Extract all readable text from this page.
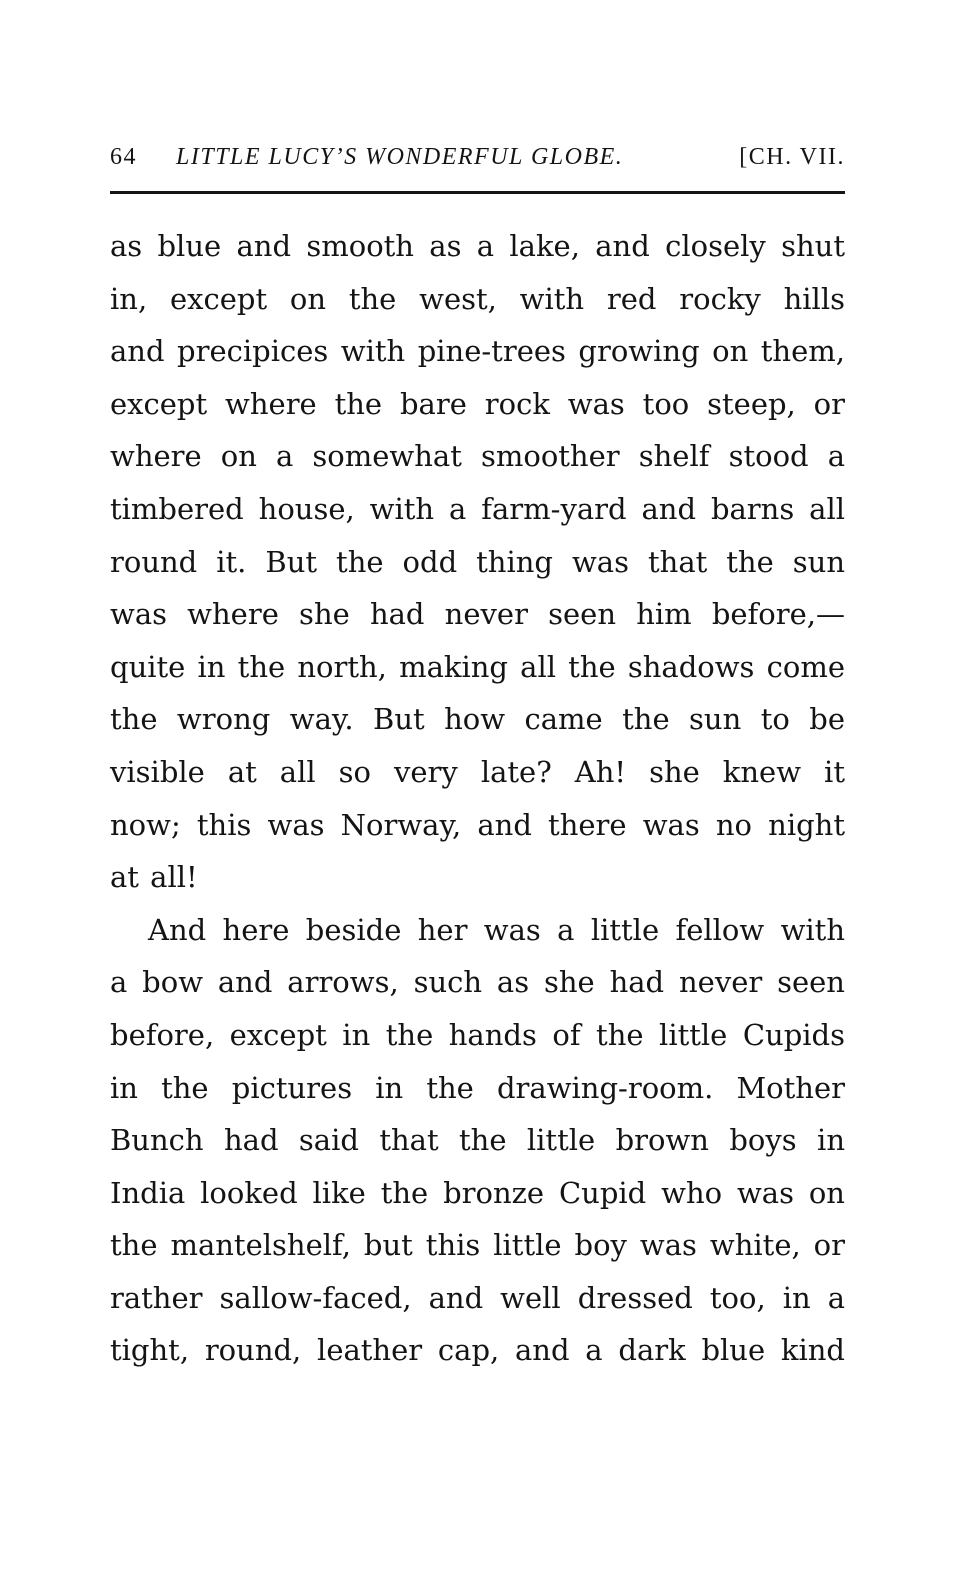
64 LITTLE LUCY’S WONDERFUL GLOBE.	[CH. VII.
as blue and smooth as a lake, and closely shut
in, except on the west, with red rocky hills
and precipices with pine-trees growing on them,
except where the bare rock was too steep, or
where on a somewhat smoother shelf stood a
timbered house, with a farm-yard and barns all
round it. But the odd thing was that the sun
was where she had never seen him before,—
quite in the north, making all the shadows come
the wrong way. But how came the sun to be
visible at all so very late? Ah! she knew it
now; this was Norway, and there was no night
at all!
And here beside her was a little fellow with
a bow and arrows, such as she had never seen
before, except in the hands of the little Cupids
in the pictures in the drawing-room. Mother
Bunch had said that the little brown boys in
India looked like the bronze Cupid who was on
the mantelshelf, but this little boy was white, or
rather sallow-faced, and well dressed too, in a
tight, round, leather cap, and a dark blue kind
